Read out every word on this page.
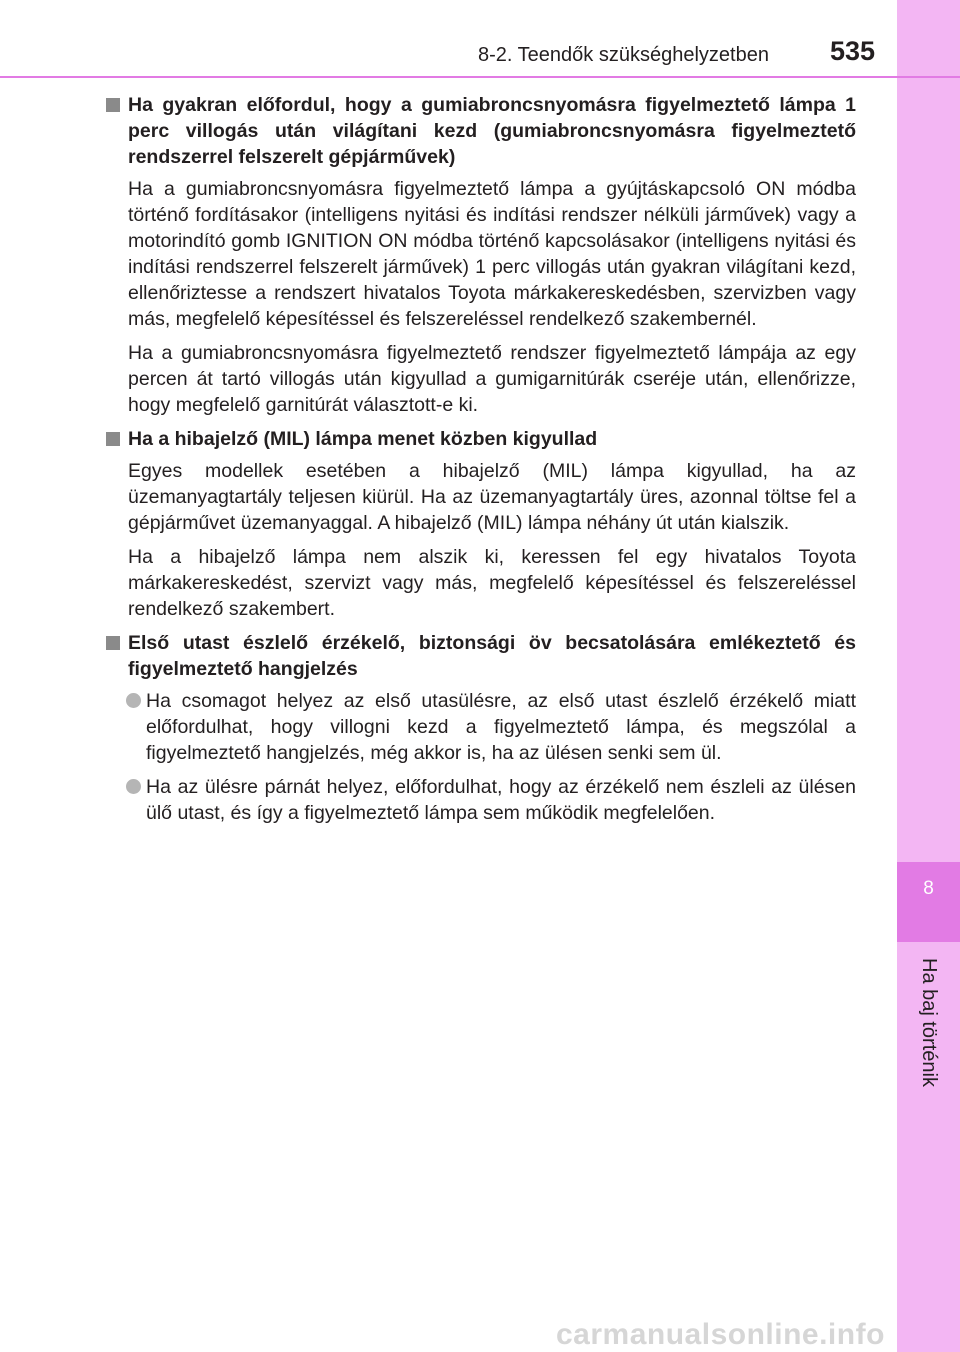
8
Ha baj történik
8-2. Teendők szükséghelyzetben 535
Ha gyakran előfordul, hogy a gumiabroncsnyomásra figyelmeztető lámpa 1 perc villogás után világítani kezd (gumiabroncsnyomásra figyelmeztető rendszerrel felszerelt gépjárművek)
Ha a gumiabroncsnyomásra figyelmeztető lámpa a gyújtáskapcsoló ON módba történő fordításakor (intelligens nyitási és indítási rendszer nélküli járművek) vagy a motorindító gomb IGNITION ON módba történő kapcsolásakor (intelligens nyitási és indítási rendszerrel felszerelt járművek) 1 perc villogás után gyakran világítani kezd, ellenőriztesse a rendszert hivatalos Toyota márkakereskedésben, szervizben vagy más, megfelelő képesítéssel és felszereléssel rendelkező szakembernél.
Ha a gumiabroncsnyomásra figyelmeztető rendszer figyelmeztető lámpája az egy percen át tartó villogás után kigyullad a gumigarnitúrák cseréje után, ellenőrizze, hogy megfelelő garnitúrát választott-e ki.
Ha a hibajelző (MIL) lámpa menet közben kigyullad
Egyes modellek esetében a hibajelző (MIL) lámpa kigyullad, ha az üzemanyagtartály teljesen kiürül. Ha az üzemanyagtartály üres, azonnal töltse fel a gépjárművet üzemanyaggal. A hibajelző (MIL) lámpa néhány út után kialszik.
Ha a hibajelző lámpa nem alszik ki, keressen fel egy hivatalos Toyota márkakereskedést, szervizt vagy más, megfelelő képesítéssel és felszereléssel rendelkező szakembert.
Első utast észlelő érzékelő, biztonsági öv becsatolására emlékeztető és figyelmeztető hangjelzés
Ha csomagot helyez az első utasülésre, az első utast észlelő érzékelő miatt előfordulhat, hogy villogni kezd a figyelmeztető lámpa, és megszólal a figyelmeztető hangjelzés, még akkor is, ha az ülésen senki sem ül.
Ha az ülésre párnát helyez, előfordulhat, hogy az érzékelő nem észleli az ülésen ülő utast, és így a figyelmeztető lámpa sem működik megfelelően.
carmanualsonline.info
